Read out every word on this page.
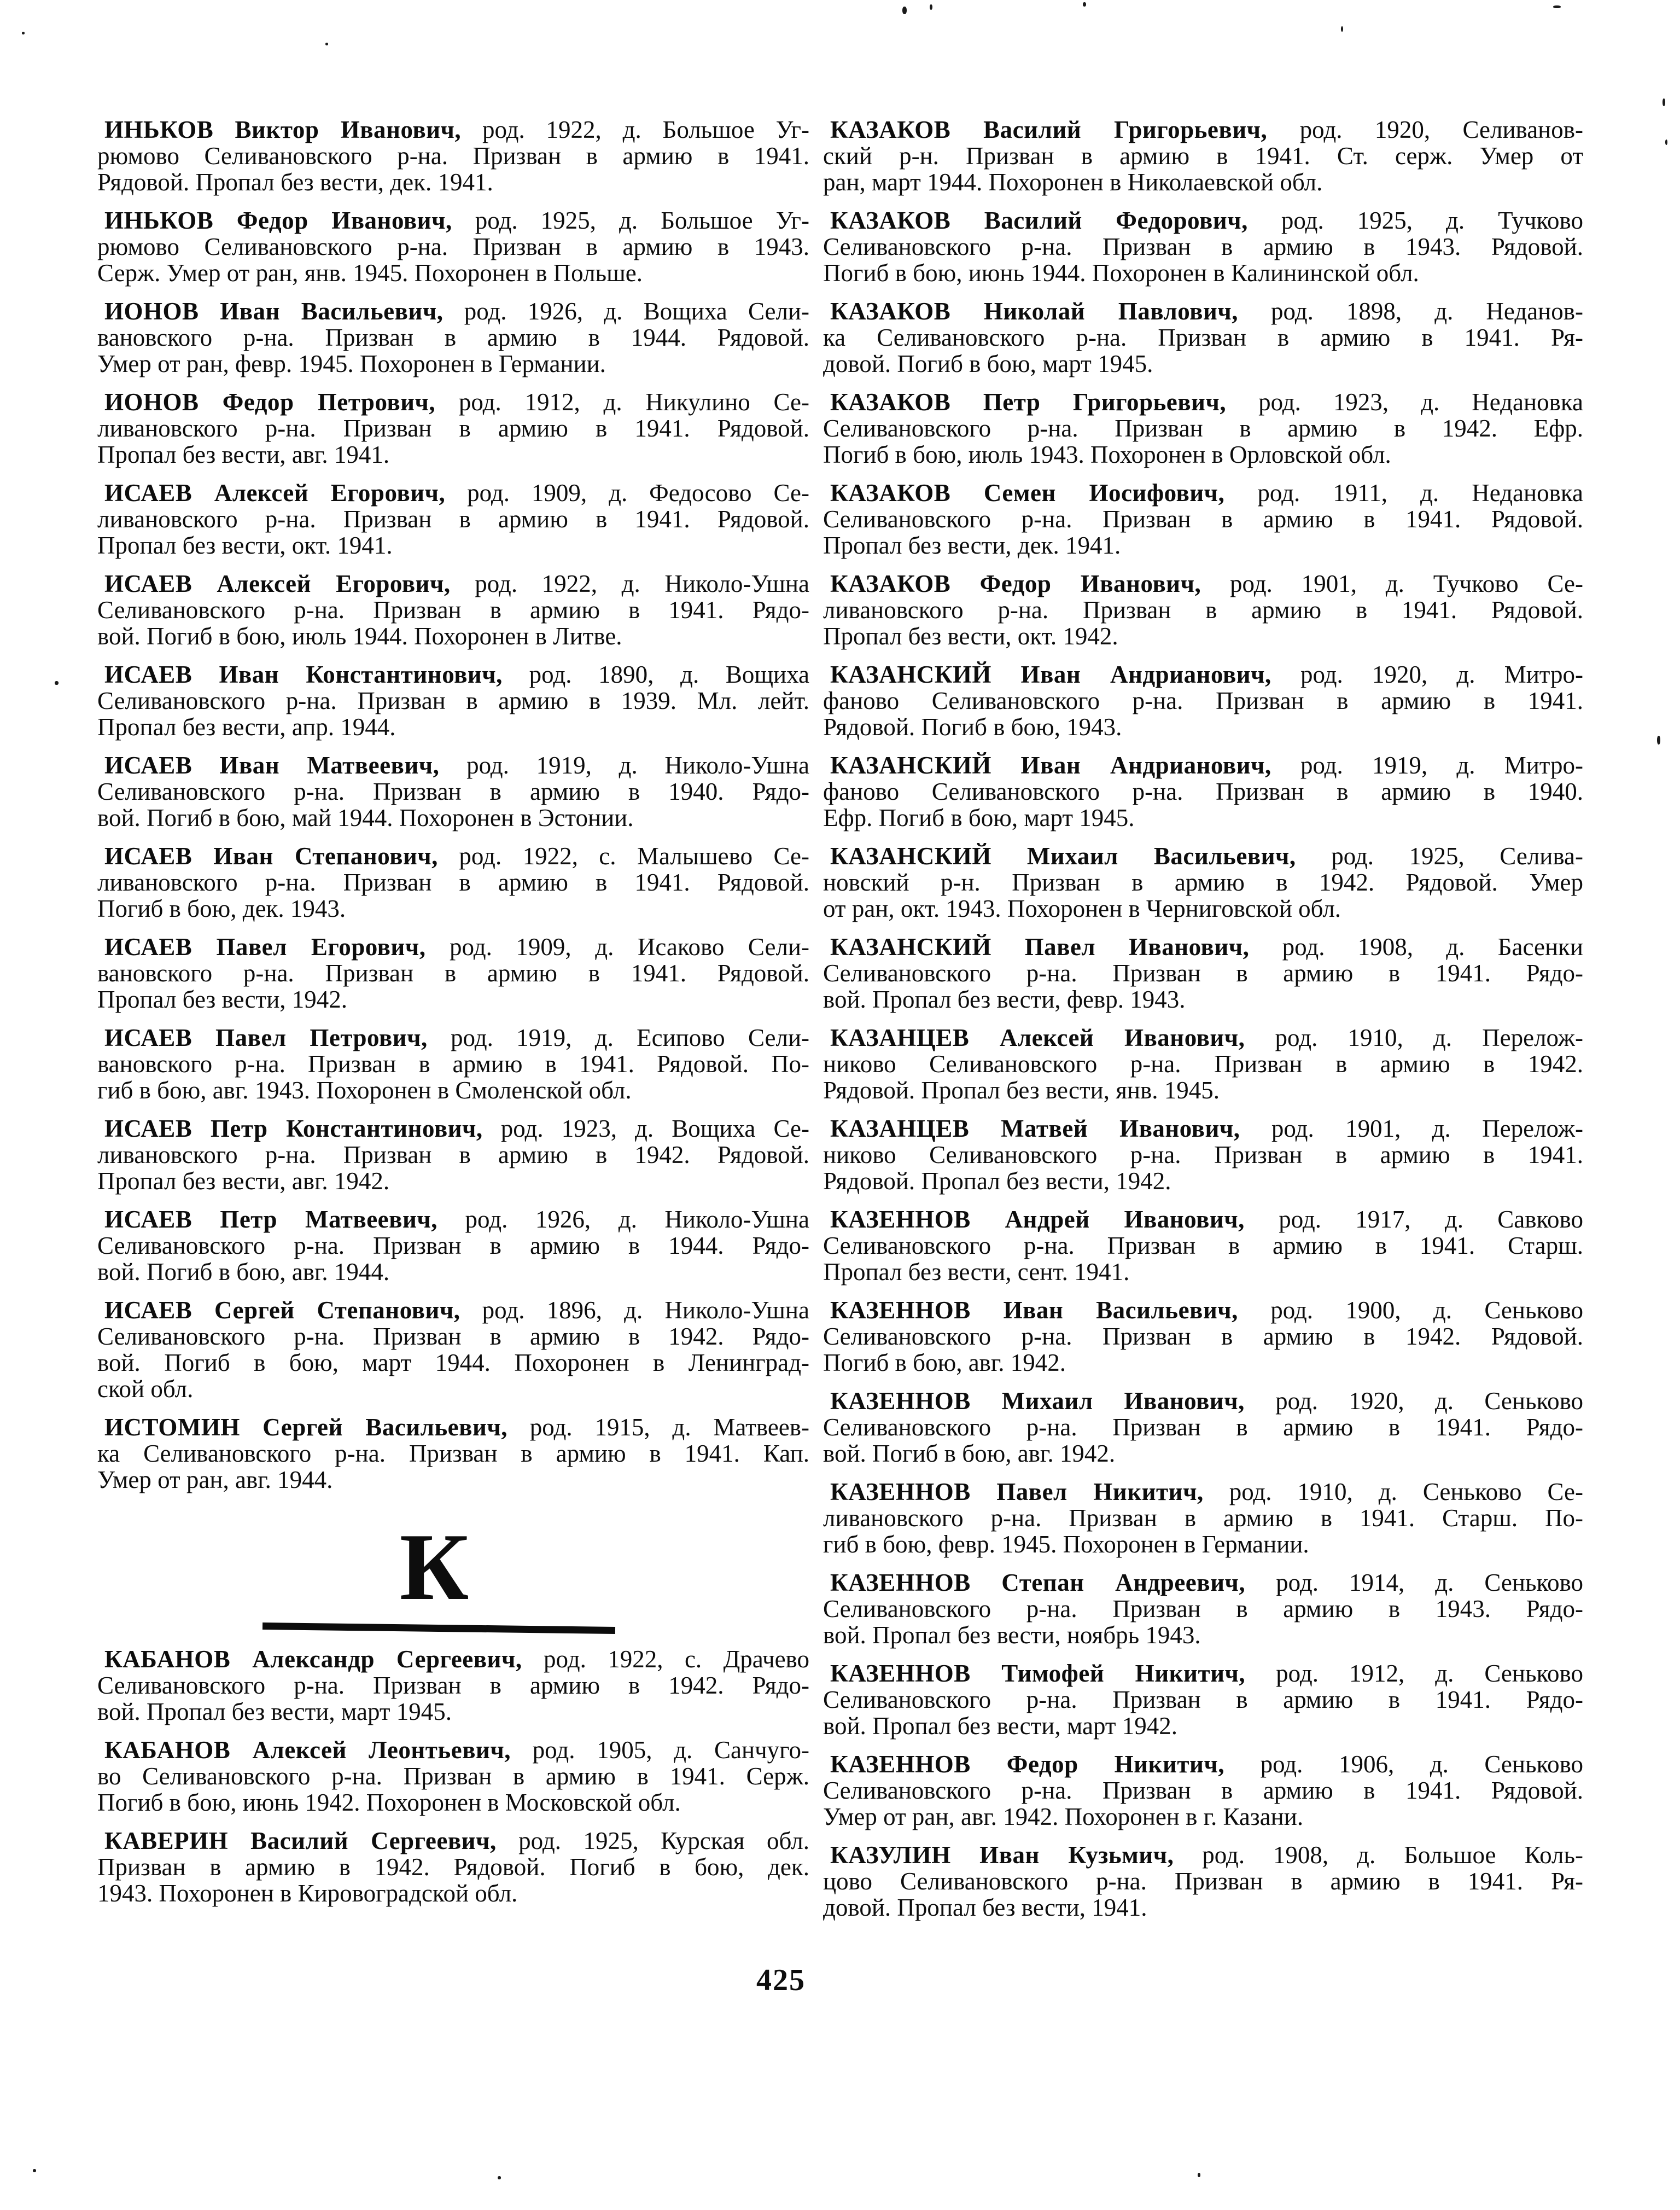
ИНЬКОВ Виктор Иванович, род. 1922, д. Большое Уг-
рюмово Селивановского р-на. Призван в армию в 1941.
Рядовой. Пропал без вести, дек. 1941.
ИНЬКОВ Федор Иванович, род. 1925, д. Большое Уг-
рюмово Селивановского р-на. Призван в армию в 1943.
Серж. Умер от ран, янв. 1945. Похоронен в Польше.
ИОНОВ Иван Васильевич, род. 1926, д. Вощиха Сели-
вановского р-на. Призван в армию в 1944. Рядовой.
Умер от ран, февр. 1945. Похоронен в Германии.
ИОНОВ Федор Петрович, род. 1912, д. Никулино Се-
ливановского р-на. Призван в армию в 1941. Рядовой.
Пропал без вести, авг. 1941.
ИСАЕВ Алексей Егорович, род. 1909, д. Федосово Се-
ливановского р-на. Призван в армию в 1941. Рядовой.
Пропал без вести, окт. 1941.
ИСАЕВ Алексей Егорович, род. 1922, д. Николо-Ушна
Селивановского р-на. Призван в армию в 1941. Рядо-
вой. Погиб в бою, июль 1944. Похоронен в Литве.
ИСАЕВ Иван Константинович, род. 1890, д. Вощиха
Селивановского р-на. Призван в армию в 1939. Мл. лейт.
Пропал без вести, апр. 1944.
ИСАЕВ Иван Матвеевич, род. 1919, д. Николо-Ушна
Селивановского р-на. Призван в армию в 1940. Рядо-
вой. Погиб в бою, май 1944. Похоронен в Эстонии.
ИСАЕВ Иван Степанович, род. 1922, с. Малышево Се-
ливановского р-на. Призван в армию в 1941. Рядовой.
Погиб в бою, дек. 1943.
ИСАЕВ Павел Егорович, род. 1909, д. Исаково Сели-
вановского р-на. Призван в армию в 1941. Рядовой.
Пропал без вести, 1942.
ИСАЕВ Павел Петрович, род. 1919, д. Есипово Сели-
вановского р-на. Призван в армию в 1941. Рядовой. По-
гиб в бою, авг. 1943. Похоронен в Смоленской обл.
ИСАЕВ Петр Константинович, род. 1923, д. Вощиха Се-
ливановского р-на. Призван в армию в 1942. Рядовой.
Пропал без вести, авг. 1942.
ИСАЕВ Петр Матвеевич, род. 1926, д. Николо-Ушна
Селивановского р-на. Призван в армию в 1944. Рядо-
вой. Погиб в бою, авг. 1944.
ИСАЕВ Сергей Степанович, род. 1896, д. Николо-Ушна
Селивановского р-на. Призван в армию в 1942. Рядо-
вой. Погиб в бою, март 1944. Похоронен в Ленинград-
ской обл.
ИСТОМИН Сергей Васильевич, род. 1915, д. Матвеев-
ка Селивановского р-на. Призван в армию в 1941. Кап.
Умер от ран, авг. 1944.
К
КАБАНОВ Александр Сергеевич, род. 1922, с. Драчево
Селивановского р-на. Призван в армию в 1942. Рядо-
вой. Пропал без вести, март 1945.
КАБАНОВ Алексей Леонтьевич, род. 1905, д. Санчуго-
во Селивановского р-на. Призван в армию в 1941. Серж.
Погиб в бою, июнь 1942. Похоронен в Московской обл.
КАВЕРИН Василий Сергеевич, род. 1925, Курская обл.
Призван в армию в 1942. Рядовой. Погиб в бою, дек.
1943. Похоронен в Кировоградской обл.
КАЗАКОВ Василий Григорьевич, род. 1920, Селиванов-
ский р-н. Призван в армию в 1941. Ст. серж. Умер от
ран, март 1944. Похоронен в Николаевской обл.
КАЗАКОВ Василий Федорович, род. 1925, д. Тучково
Селивановского р-на. Призван в армию в 1943. Рядовой.
Погиб в бою, июнь 1944. Похоронен в Калининской обл.
КАЗАКОВ Николай Павлович, род. 1898, д. Неданов-
ка Селивановского р-на. Призван в армию в 1941. Ря-
довой. Погиб в бою, март 1945.
КАЗАКОВ Петр Григорьевич, род. 1923, д. Недановка
Селивановского р-на. Призван в армию в 1942. Ефр.
Погиб в бою, июль 1943. Похоронен в Орловской обл.
КАЗАКОВ Семен Иосифович, род. 1911, д. Недановка
Селивановского р-на. Призван в армию в 1941. Рядовой.
Пропал без вести, дек. 1941.
КАЗАКОВ Федор Иванович, род. 1901, д. Тучково Се-
ливановского р-на. Призван в армию в 1941. Рядовой.
Пропал без вести, окт. 1942.
КАЗАНСКИЙ Иван Андрианович, род. 1920, д. Митро-
фаново Селивановского р-на. Призван в армию в 1941.
Рядовой. Погиб в бою, 1943.
КАЗАНСКИЙ Иван Андрианович, род. 1919, д. Митро-
фаново Селивановского р-на. Призван в армию в 1940.
Ефр. Погиб в бою, март 1945.
КАЗАНСКИЙ Михаил Васильевич, род. 1925, Селива-
новский р-н. Призван в армию в 1942. Рядовой. Умер
от ран, окт. 1943. Похоронен в Черниговской обл.
КАЗАНСКИЙ Павел Иванович, род. 1908, д. Басенки
Селивановского р-на. Призван в армию в 1941. Рядо-
вой. Пропал без вести, февр. 1943.
КАЗАНЦЕВ Алексей Иванович, род. 1910, д. Перелож-
никово Селивановского р-на. Призван в армию в 1942.
Рядовой. Пропал без вести, янв. 1945.
КАЗАНЦЕВ Матвей Иванович, род. 1901, д. Перелож-
никово Селивановского р-на. Призван в армию в 1941.
Рядовой. Пропал без вести, 1942.
КАЗЕННОВ Андрей Иванович, род. 1917, д. Савково
Селивановского р-на. Призван в армию в 1941. Старш.
Пропал без вести, сент. 1941.
КАЗЕННОВ Иван Васильевич, род. 1900, д. Сеньково
Селивановского р-на. Призван в армию в 1942. Рядовой.
Погиб в бою, авг. 1942.
КАЗЕННОВ Михаил Иванович, род. 1920, д. Сеньково
Селивановского р-на. Призван в армию в 1941. Рядо-
вой. Погиб в бою, авг. 1942.
КАЗЕННОВ Павел Никитич, род. 1910, д. Сеньково Се-
ливановского р-на. Призван в армию в 1941. Старш. По-
гиб в бою, февр. 1945. Похоронен в Германии.
КАЗЕННОВ Степан Андреевич, род. 1914, д. Сеньково
Селивановского р-на. Призван в армию в 1943. Рядо-
вой. Пропал без вести, ноябрь 1943.
КАЗЕННОВ Тимофей Никитич, род. 1912, д. Сеньково
Селивановского р-на. Призван в армию в 1941. Рядо-
вой. Пропал без вести, март 1942.
КАЗЕННОВ Федор Никитич, род. 1906, д. Сеньково
Селивановского р-на. Призван в армию в 1941. Рядовой.
Умер от ран, авг. 1942. Похоронен в г. Казани.
КАЗУЛИН Иван Кузьмич, род. 1908, д. Большое Коль-
цово Селивановского р-на. Призван в армию в 1941. Ря-
довой. Пропал без вести, 1941.
425
